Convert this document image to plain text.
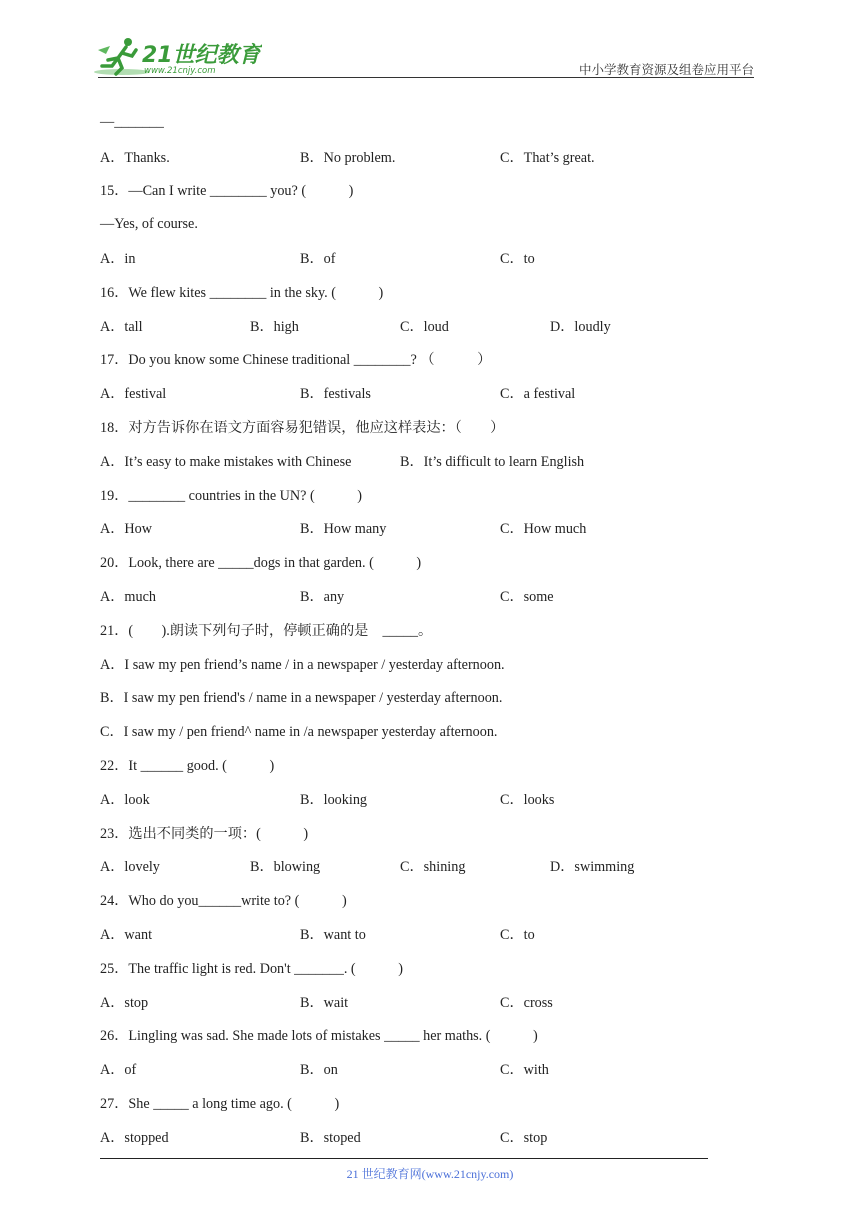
21世纪教育
www.21cnjy.com	中小学教育资源及组卷应用平台
—_______
A．Thanks.	B．No problem.	C．That’s great.
15．—Can I write ________ you? (　　　)
—Yes, of course.
A．in	B．of	C．to
16．We flew kites ________ in the sky. (　　　)
A．tall	B．high	C．loud	D．loudly
17．Do you know some Chinese traditional ________? （　　　）
A．festival	B．festivals	C．a festival
18．对方告诉你在语文方面容易犯错误，他应这样表达：（　　）
A．It’s easy to make mistakes with Chinese	B．It’s difficult to learn English
19．________ countries in the UN? (　　　)
A．How	B．How many	C．How much
20．Look, there are _____dogs in that garden. (　　　)
A．much	B．any	C．some
21．(　　).朗读下列句子时，停顿正确的是　_____。
A．I saw my pen friend’s name / in a newspaper / yesterday afternoon.
B．I saw my pen friend's / name in a newspaper / yesterday afternoon.
C．I saw my / pen friend^ name in /a newspaper yesterday afternoon.
22．It ______ good. (　　　)
A．look	B．looking	C．looks
23．选出不同类的一项：(　　　)
A．lovely	B．blowing	C．shining	D．swimming
24．Who do you______write to? (　　　)
A．want	B．want to	C．to
25．The traffic light is red. Don't _______. (　　　)
A．stop	B．wait	C．cross
26．Lingling was sad. She made lots of mistakes _____ her maths. (　　　)
A．of	B．on	C．with
27．She _____ a long time ago. (　　　)
A．stopped	B．stoped	C．stop
21 世纪教育网(www.21cnjy.com)
